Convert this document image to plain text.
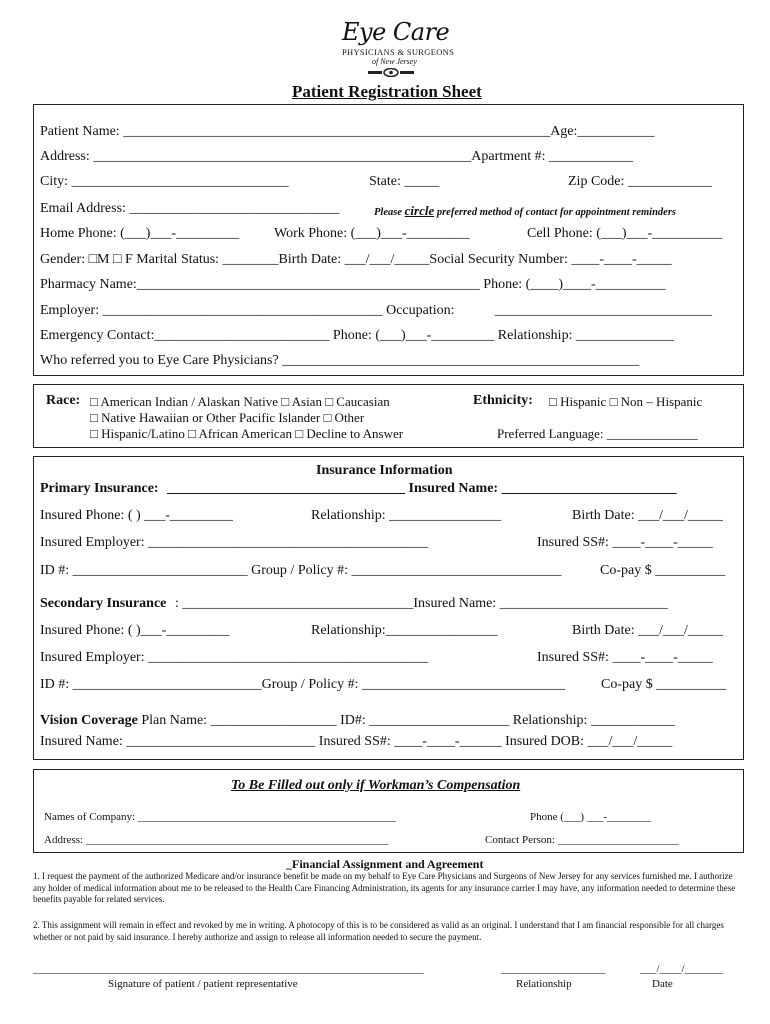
Eye Care
PHYSICIANS & SURGEONS
of New Jersey
Patient Registration Sheet
Patient Name: _____________________________________________________________Age:___________
Address: ______________________________________________________Apartment #: ____________
City: _______________________________	State: _____	Zip Code: ____________
Email Address: ______________________________	Please circle preferred method of contact for appointment reminders
Home Phone: (___)___-_________ Work Phone: (___)___-_________	Cell Phone: (___)___-__________
Gender: □M □ F Marital Status: ________Birth Date: ___/___/_____Social Security Number: ____-____-_____
Pharmacy Name:_________________________________________________ Phone: (____)____-__________
Employer: ________________________________________ Occupation:	_______________________________
Emergency Contact:_________________________ Phone: (___)___-_________ Relationship: ______________
Who referred you to Eye Care Physicians? ___________________________________________________
Race: □ American Indian / Alaskan Native □ Asian □ Caucasian
□ Native Hawaiian or Other Pacific Islander □ Other
□ Hispanic/Latino □ African American □ Decline to Answer
Ethnicity: □ Hispanic □ Non – Hispanic
Preferred Language: ______________
Insurance Information
Primary Insurance: __________________________________ Insured Name: _________________________
Insured Phone: ( ) ___-_________	Relationship: ________________	Birth Date: ___/___/_____
Insured Employer: ________________________________________	Insured SS#: ____-____-_____
ID #: _________________________ Group / Policy #: ______________________________	Co-pay $ __________
Secondary Insurance : _________________________________Insured Name: ________________________
Insured Phone: ( )___-_________	Relationship:________________	Birth Date: ___/___/_____
Insured Employer: ________________________________________	Insured SS#: ____-____-_____
ID #: ___________________________Group / Policy #: _____________________________	Co-pay $ __________
Vision Coverage Plan Name: __________________ ID#: ____________________ Relationship: ____________
Insured Name: ___________________________ Insured SS#: ____-____-______ Insured DOB: ___/___/_____
To Be Filled out only if Workman’s Compensation
Names of Company: _______________________________________________	Phone (___) ___-________
Address: _______________________________________________________	Contact Person: ______________________
_Financial Assignment and Agreement
1. I request the payment of the authorized Medicare and/or insurance benefit be made on my behalf to Eye Care Physicians and Surgeons of New Jersey for any services furnished me. I authorize any holder of medical information about me to be released to the Health Care Financing Administration, its agents for any insurance carrier I may have, any information needed to determine these benefits payable for related services.
2. This assignment will remain in effect and revoked by me in writing. A photocopy of this is to be considered as valid as an original. I understand that I am financial responsible for all charges whether or not paid by said insurance. I hereby authorize and assign to release all information needed to secure the payment.
_______________________________________________________________________	___________________	___/____/_______
Signature of patient / patient representative	Relationship	Date
